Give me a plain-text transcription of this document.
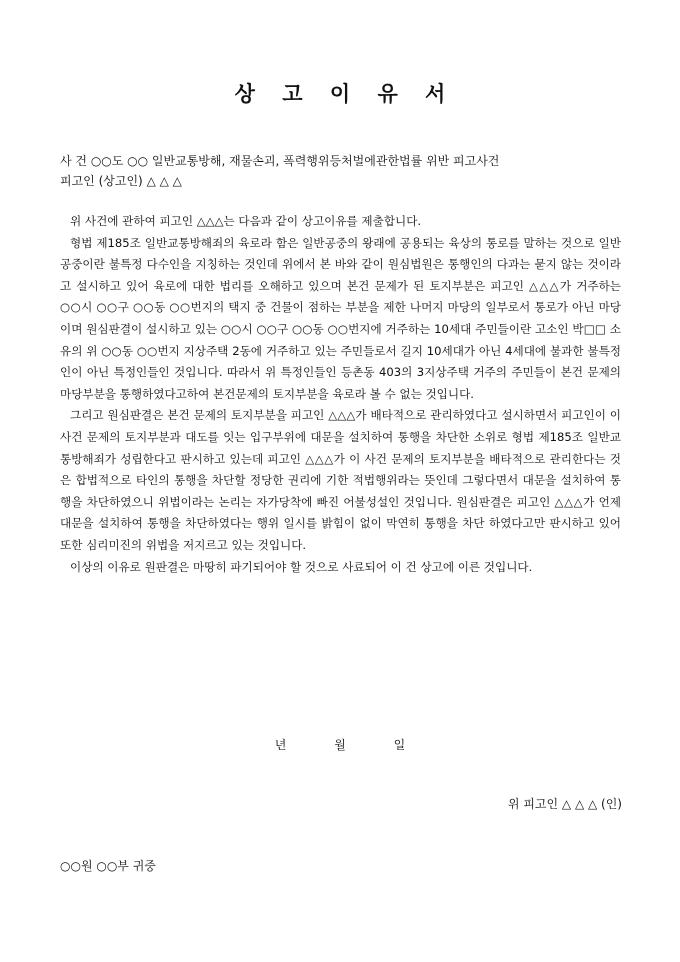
상 고 이 유 서
사 건 ○○도 ○○ 일반교통방해, 재물손괴, 폭력행위등처벌에관한법률 위반 피고사건
피고인 (상고인) △ △ △

위 사건에 관하여 피고인 △△△는 다음과 같이 상고이유를 제출합니다.

형법 제185조 일반교통방해죄의 육로라 함은 일반공중의 왕래에 공용되는 육상의 통로를 말하는 것으로 일반공중이란 불특정 다수인을 지칭하는 것인데 위에서 본 바와 같이 원심법원은 통행인의 다과는 묻지 않는 것이라고 설시하고 있어 육로에 대한 법리를 오해하고 있으며 본건 문제가 된 토지부분은 피고인 △△△가 거주하는 ○○시 ○○구 ○○동 ○○번지의 택지 중 건물이 점하는 부분을 제한 나머지 마당의 일부로서 통로가 아닌 마당이며 원심판결이 설시하고 있는 ○○시 ○○구 ○○동 ○○번지에 거주하는 10세대 주민들이란 고소인 박□□ 소유의 위 ○○동 ○○번지 지상주택 2동에 거주하고 있는 주민들로서 길지 10세대가 아닌 4세대에 불과한 불특정인이 아닌 특정인들인 것입니다. 따라서 위 특정인들인 등촌동 403의 3지상주택 거주의 주민들이 본건 문제의 마당부분을 통행하였다고하여 본건문제의 토지부분을 육로라 볼 수 없는 것입니다.

그리고 원심판결은 본건 문제의 토지부분을 피고인 △△△가 배타적으로 관리하였다고 설시하면서 피고인이 이 사건 문제의 토지부분과 대도를 잇는 입구부위에 대문을 설치하여 통행을 차단한 소위로 형법 제185조 일반교통방해죄가 성립한다고 판시하고 있는데 피고인 △△△가 이 사건 문제의 토지부분을 배타적으로 관리한다는 것은 합법적으로 타인의 통행을 차단할 정당한 권리에 기한 적법행위라는 뜻인데 그렇다면서 대문을 설치하여 통행을 차단하였으니 위법이라는 논리는 자가당착에 빠진 어불성설인 것입니다. 원심판결은 피고인 △△△가 언제 대문을 설치하여 통행을 차단하였다는 행위 일시를 밝힘이 없이 막연히 통행을 차단 하였다고만 판시하고 있어 또한 심리미진의 위법을 저지르고 있는 것입니다.

이상의 이유로 원판결은 마땅히 파기되어야 할 것으로 사료되어 이 건 상고에 이른 것입니다.

년	월	일
위 피고인 △ △ △ (인)
○○원 ○○부 귀중
